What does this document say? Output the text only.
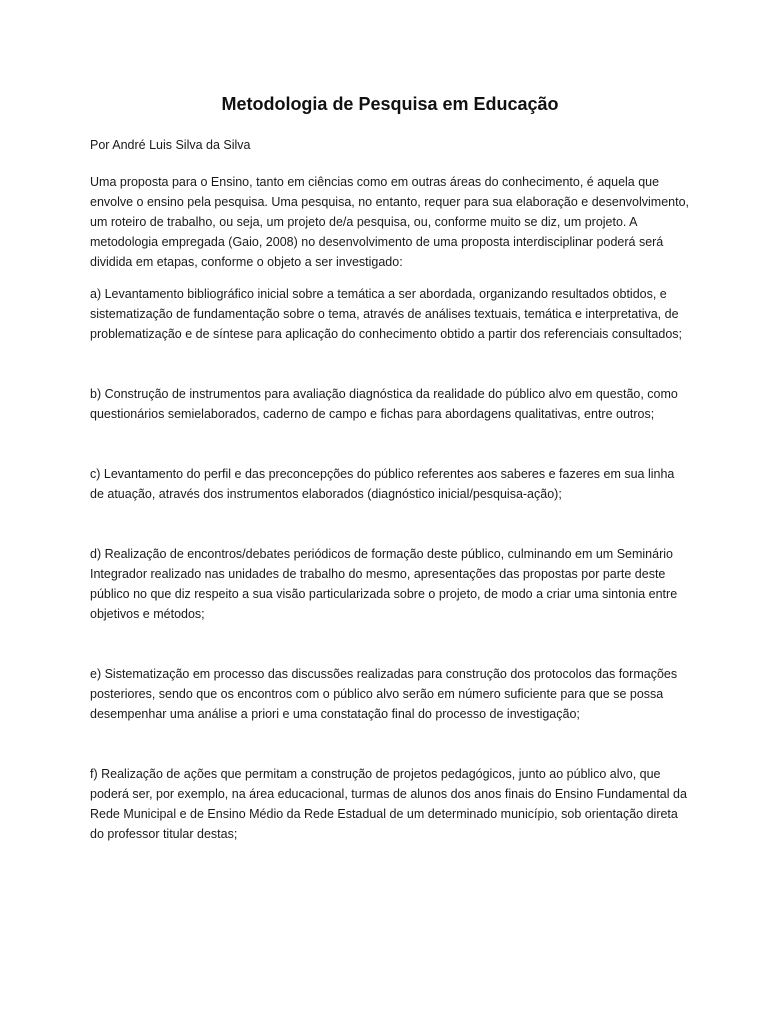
Metodologia de Pesquisa em Educação

Por André Luis Silva da Silva

Uma proposta para o Ensino, tanto em ciências como em outras áreas do conhecimento, é aquela que envolve o ensino pela pesquisa. Uma pesquisa, no entanto, requer para sua elaboração e desenvolvimento, um roteiro de trabalho, ou seja, um projeto de/a pesquisa, ou, conforme muito se diz, um projeto. A metodologia empregada (Gaio, 2008) no desenvolvimento de uma proposta interdisciplinar poderá será dividida em etapas, conforme o objeto a ser investigado:

a) Levantamento bibliográfico inicial sobre a temática a ser abordada, organizando resultados obtidos, e sistematização de fundamentação sobre o tema, através de análises textuais, temática e interpretativa, de problematização e de síntese para aplicação do conhecimento obtido a partir dos referenciais consultados;

b) Construção de instrumentos para avaliação diagnóstica da realidade do público alvo em questão, como questionários semielaborados, caderno de campo e fichas para abordagens qualitativas, entre outros;

c) Levantamento do perfil e das preconcepções do público referentes aos saberes e fazeres em sua linha de atuação, através dos instrumentos elaborados (diagnóstico inicial/pesquisa-ação);

d) Realização de encontros/debates periódicos de formação deste público, culminando em um Seminário Integrador realizado nas unidades de trabalho do mesmo, apresentações das propostas por parte deste público no que diz respeito a sua visão particularizada sobre o projeto, de modo a criar uma sintonia entre objetivos e métodos;

e) Sistematização em processo das discussões realizadas para construção dos protocolos das formações posteriores, sendo que os encontros com o público alvo serão em número suficiente para que se possa desempenhar uma análise a priori e uma constatação final do processo de investigação;

f) Realização de ações que permitam a construção de projetos pedagógicos, junto ao público alvo, que poderá ser, por exemplo, na área educacional, turmas de alunos dos anos finais do Ensino Fundamental da Rede Municipal e de Ensino Médio da Rede Estadual de um determinado município, sob orientação direta do professor titular destas;
